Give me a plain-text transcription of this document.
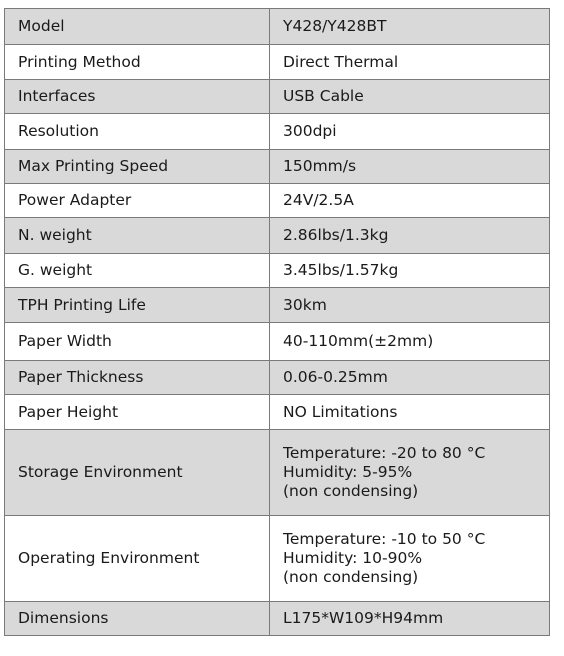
Model	Y428/Y428BT
Printing Method	Direct Thermal
Interfaces	USB Cable
Resolution	300dpi
Max Printing Speed	150mm/s
Power Adapter	24V/2.5A
N. weight	2.86lbs/1.3kg
G. weight	3.45lbs/1.57kg
TPH Printing Life	30km
Paper Width	40-110mm(±2mm)
Paper Thickness	0.06-0.25mm
Paper Height	NO Limitations
Storage Environment	Temperature: -20 to 80 °C
Humidity: 5-95%
(non condensing)

Operating Environment	Temperature: -10 to 50 °C
Humidity: 10-90%
(non condensing)

Dimensions	L175*W109*H94mm
